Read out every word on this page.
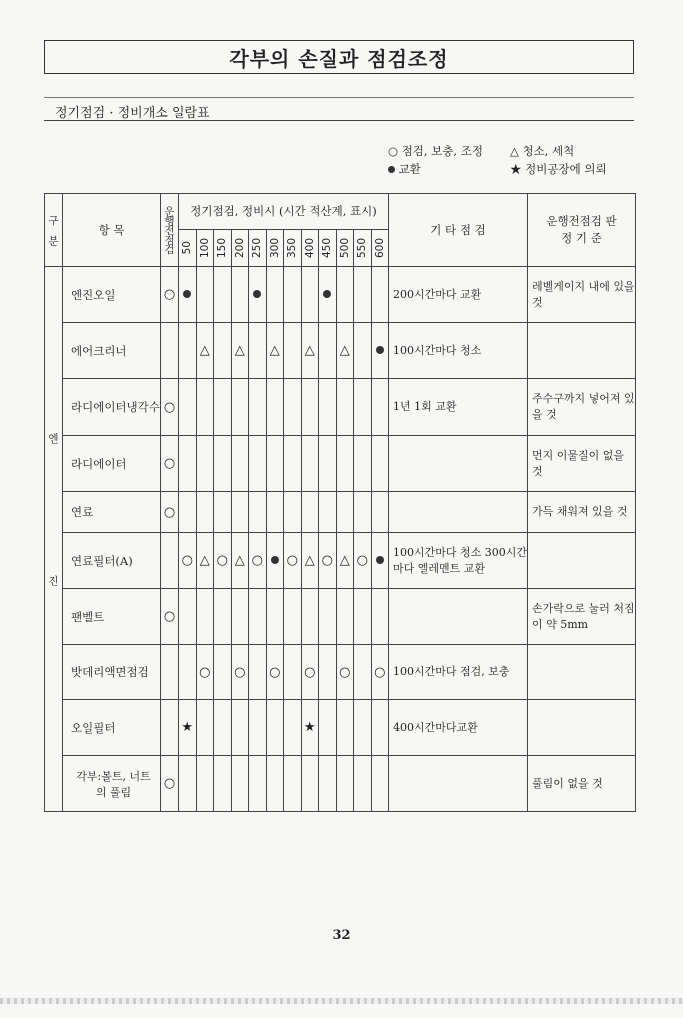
각부의 손질과 점검조정
정기점검 · 정비개소 일람표
○ 점검, 보충, 조정 △ 청소, 세척
교환	★ 정비공장에 의뢰
구 분	항 목	운행전점검	정기점검, 정비시 (시간 적산계, 표시)												기 타 점 검	운행전점검 판 정 기 준

			50	100	150	200	250	300	350	400	450	500	550	600		

엔 진	엔진오일	○													200시간마다 교환	레벨게이지 내에 있을 것
	에어크리너			△		△		△		△		△			100시간마다 청소	
	라디에이터냉각수	○													1년 1회 교환	주수구까지 넣어져 있을 것
	라디에이터	○														먼지 이물질이 없을 것
	연료	○														가득 채워져 있을 것
	연료필터(A)		○	△	○	△	○		○	△	○	△	○		100시간마다 청소 300시간마다 엘레멘트 교환	
	팬벨트	○														손가락으로 눌러 처짐이 약 5mm
	밧데리액면점검			○		○		○		○		○		○	100시간마다 점검, 보충	
	오일필터		★							★					400시간마다교환	
	각부:볼트, 너트 의 풀림	○														풀림이 없을 것
32
